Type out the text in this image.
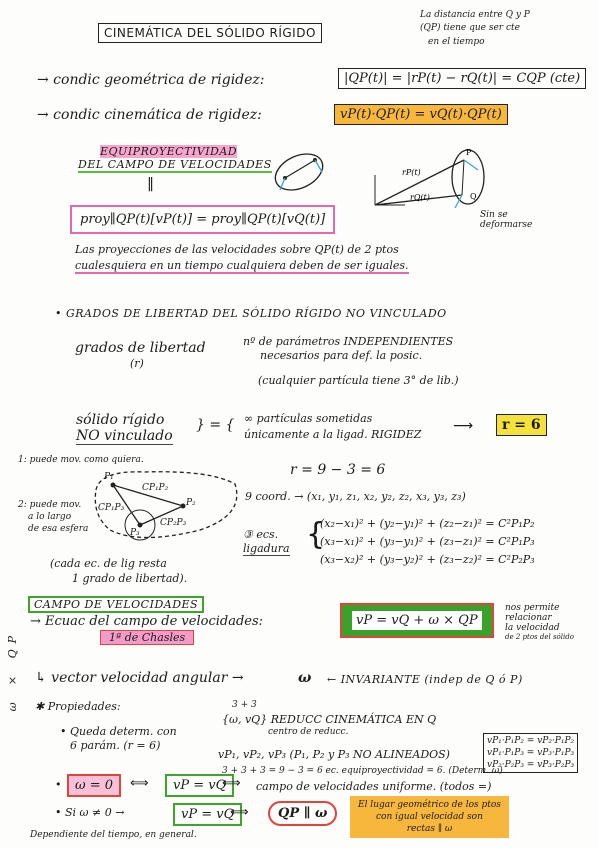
CINEMÁTICA DEL SÓLIDO RÍGIDO
La distancia entre Q y P
(QP) tiene que ser cte
en el tiempo
→ condic geométrica de rigidez:	|QP(t)| = |rP(t) − rQ(t)| = CQP (cte)
→ condic cinemática de rigidez:	vP(t)·QP(t) = vQ(t)·QP(t)
EQUIPROYECTIVIDAD
DEL CAMPO DE VELOCIDADES
‖
proy∥QP(t)[vP(t)] = proy∥QP(t)[vQ(t)]	Sin se deformarse
Las proyecciones de las velocidades sobre QP(t) de 2 ptos
cualesquiera en un tiempo cualquiera deben de ser iguales.
rP(t)
rQ(t)
P
Q
P₁
P₂
P₃
CP₁P₂
CP₁P₃
CP₂P₃
• GRADOS DE LIBERTAD DEL SÓLIDO RÍGIDO NO VINCULADO
grados de libertad
(r)
nº de parámetros INDEPENDIENTES
necesarios para def. la posic.
(cualquier partícula tiene 3° de lib.)
sólido rígido
NO vinculado
} = { ∞ partículas sometidas
únicamente a la ligad. RIGIDEZ
⟶	r = 6
1: puede mov. como quiera.
2: puede mov.
a lo largo
de esa esfera
(cada ec. de lig resta
1 grado de libertad).
r = 9 − 3 = 6
9 coord. → (x₁, y₁, z₁, x₂, y₂, z₂, x₃, y₃, z₃)
③ ecs.
ligadura {
(x₂−x₁)² + (y₂−y₁)² + (z₂−z₁)² = C²P₁P₂
(x₃−x₁)² + (y₃−y₁)² + (z₃−z₁)² = C²P₁P₃
(x₃−x₂)² + (y₃−y₂)² + (z₃−z₂)² = C²P₂P₃
CAMPO DE VELOCIDADES
→ Ecuac del campo de velocidades:	vP = vQ + ω × QP
nos permite
relacionar
la velocidad
de 2 ptos del sólido
1ª de Chasles
↳ vector velocidad angular →	ω ← INVARIANTE (indep de Q ó P)
✱ Propiedades:
• Queda determ. con
6 parám. (r = 6)
3 + 3
{ω, vQ} REDUCC CINEMÁTICA EN Q
centro de reducc.
vP₁, vP₂, vP₃ (P₁, P₂ y P₃ NO ALINEADOS)
3 + 3 + 3 = 9 − 3 = 6 ec. equiproyectividad = 6. (Determ. ω)
vP₁·P₁P₂ = vP₂·P₁P₂
vP₁·P₁P₃ = vP₃·P₁P₃
vP₂·P₂P₃ = vP₃·P₂P₃
•	ω = 0	⟺	vP = vQ
⟺ campo de velocidades uniforme. (todos =)
• Si ω ≠ 0 →	vP = vQ
⟺	QP ∥ ω
El lugar geométrico de los ptos
con igual velocidad son
rectas ∥ ω
Dependiente del tiempo, en general.
ω × QP
